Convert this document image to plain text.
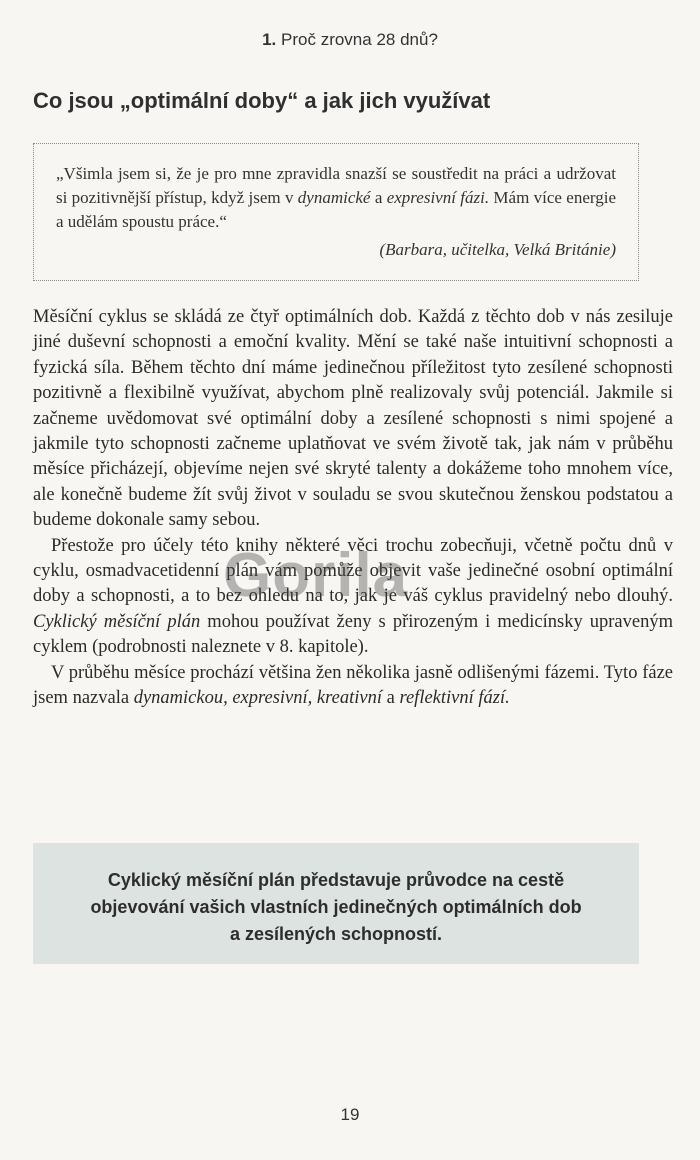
1. Proč zrovna 28 dnů?
Co jsou „optimální doby“ a jak jich využívat

„Všimla jsem si, že je pro mne zpravidla snazší se soustředit na práci a udržovat si pozitivnější přístup, když jsem v dynamické a expresivní fázi. Mám více energie a udělám spoustu práce.“

(Barbara, učitelka, Velká Británie)

Měsíční cyklus se skládá ze čtyř optimálních dob. Každá z těchto dob v nás zesiluje jiné duševní schopnosti a emoční kvality. Mění se také naše intuitivní schopnosti a fyzická síla. Během těchto dní máme jedinečnou příležitost tyto zesílené schopnosti pozitivně a flexibilně využívat, abychom plně realizovaly svůj potenciál. Jakmile si začneme uvědomovat své optimální doby a zesílené schopnosti s nimi spojené a jakmile tyto schopnosti začneme uplatňovat ve svém životě tak, jak nám v průběhu měsíce přicházejí, objevíme nejen své skryté talenty a dokážeme toho mnohem více, ale konečně budeme žít svůj život v souladu se svou skutečnou ženskou podstatou a budeme dokonale samy sebou.

Přestože pro účely této knihy některé věci trochu zobecňuji, včetně počtu dnů v cyklu, osmadvacetidenní plán vám pomůže objevit vaše jedinečné osobní optimální doby a schopnosti, a to bez ohledu na to, jak je váš cyklus pravidelný nebo dlouhý. Cyklický měsíční plán mohou používat ženy s přirozeným i medicínsky upraveným cyklem (podrobnosti naleznete v 8. kapitole).

V průběhu měsíce prochází většina žen několika jasně odlišenými fázemi. Tyto fáze jsem nazvala dynamickou, expresivní, kreativní a reflektivní fází.

Cyklický měsíční plán představuje průvodce na cestě
objevování vašich vlastních jedinečných optimálních dob
a zesílených schopností.
Gorila
19
